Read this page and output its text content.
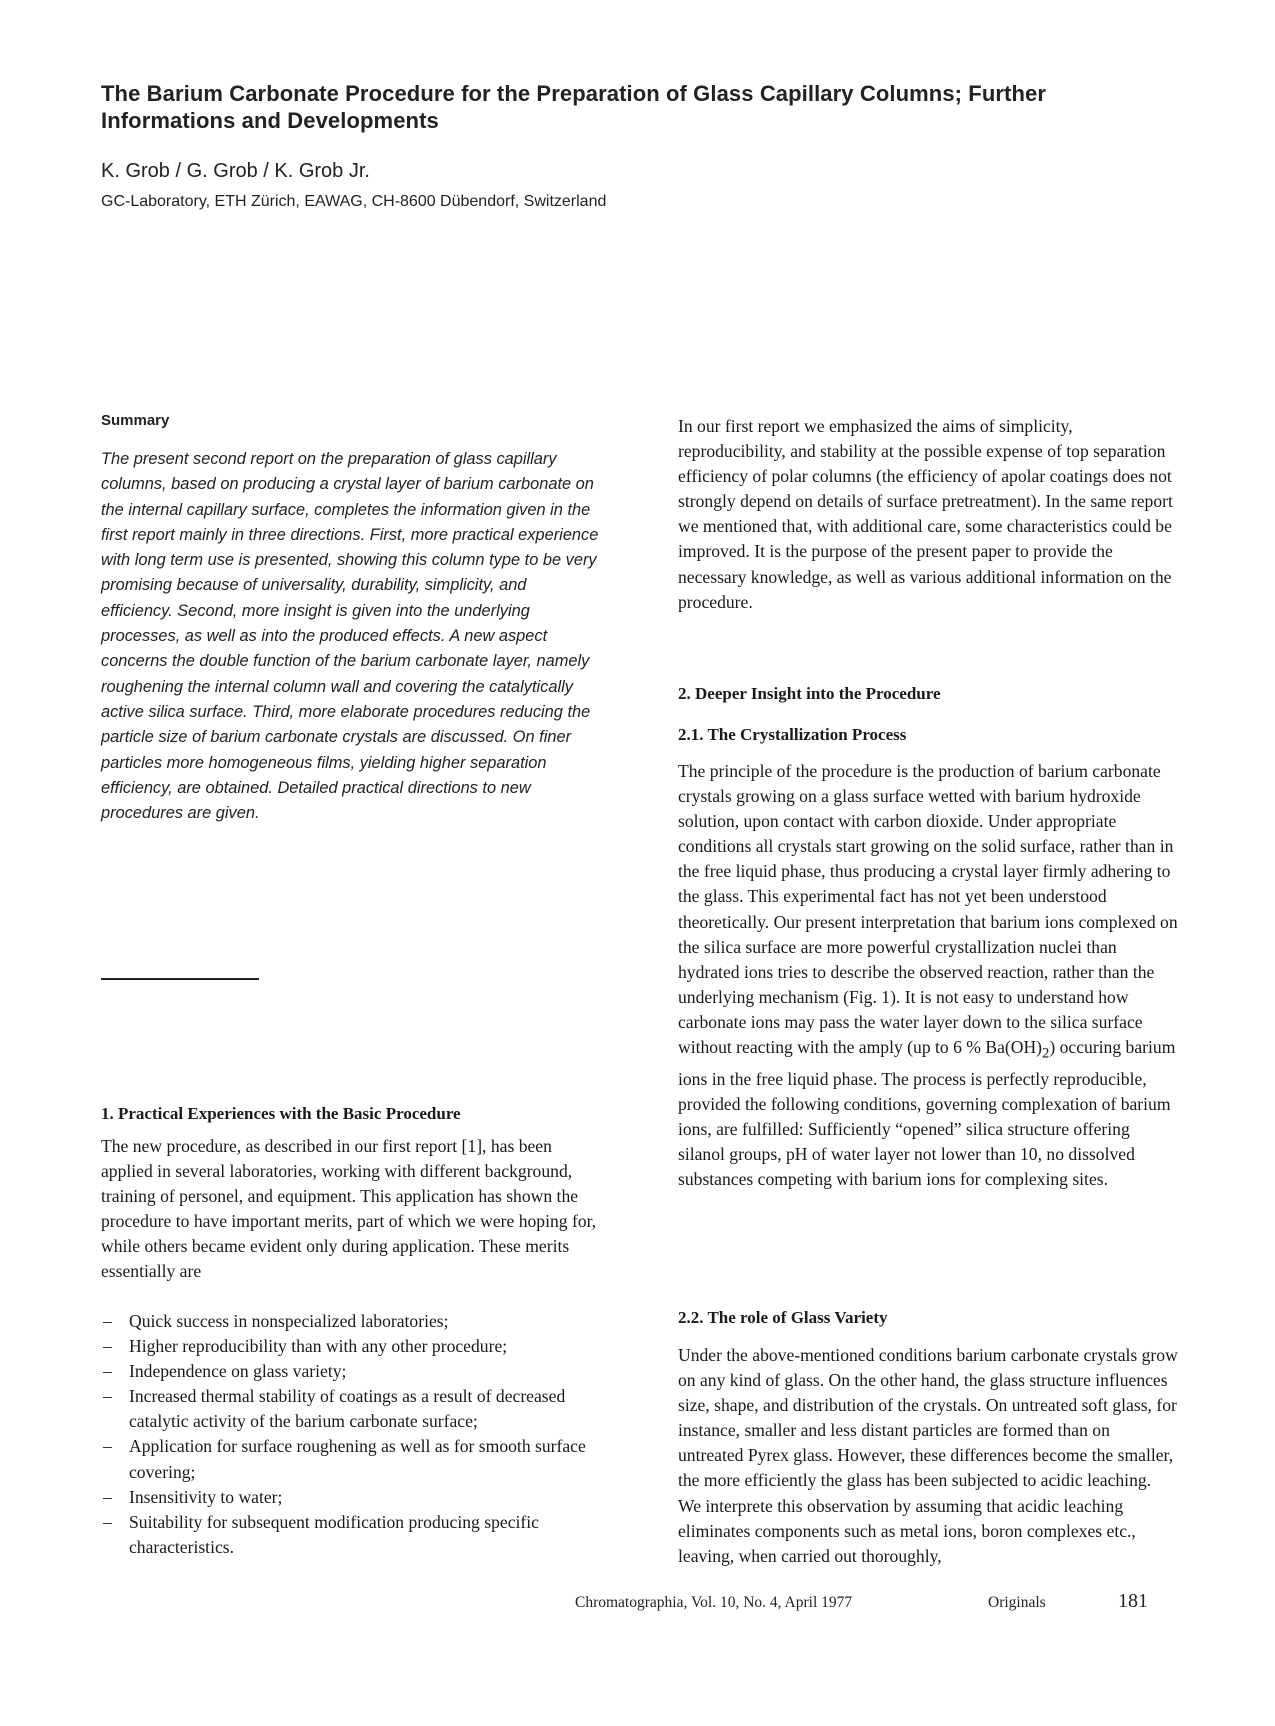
The Barium Carbonate Procedure for the Preparation of Glass Capillary Columns; Further Informations and Developments
K. Grob / G. Grob / K. Grob Jr.
GC-Laboratory, ETH Zürich, EAWAG, CH-8600 Dübendorf, Switzerland
Summary
The present second report on the preparation of glass capillary columns, based on producing a crystal layer of barium carbonate on the internal capillary surface, completes the information given in the first report mainly in three directions. First, more practical experience with long term use is presented, showing this column type to be very promising because of universality, durability, simplicity, and efficiency. Second, more insight is given into the underlying processes, as well as into the produced effects. A new aspect concerns the double function of the barium carbonate layer, namely roughening the internal column wall and covering the catalytically active silica surface. Third, more elaborate procedures reducing the particle size of barium carbonate crystals are discussed. On finer particles more homogeneous films, yielding higher separation efficiency, are obtained. Detailed practical directions to new procedures are given.
1. Practical Experiences with the Basic Procedure
The new procedure, as described in our first report [1], has been applied in several laboratories, working with different background, training of personel, and equipment. This application has shown the procedure to have important merits, part of which we were hoping for, while others became evident only during application. These merits essentially are
– Quick success in nonspecialized laboratories;
– Higher reproducibility than with any other procedure;
– Independence on glass variety;
– Increased thermal stability of coatings as a result of decreased catalytic activity of the barium carbonate surface;
– Application for surface roughening as well as for smooth surface covering;
– Insensitivity to water;
– Suitability for subsequent modification producing specific characteristics.
In our first report we emphasized the aims of simplicity, reproducibility, and stability at the possible expense of top separation efficiency of polar columns (the efficiency of apolar coatings does not strongly depend on details of surface pretreatment). In the same report we mentioned that, with additional care, some characteristics could be improved. It is the purpose of the present paper to provide the necessary knowledge, as well as various additional information on the procedure.
2. Deeper Insight into the Procedure
2.1. The Crystallization Process
The principle of the procedure is the production of barium carbonate crystals growing on a glass surface wetted with barium hydroxide solution, upon contact with carbon dioxide. Under appropriate conditions all crystals start growing on the solid surface, rather than in the free liquid phase, thus producing a crystal layer firmly adhering to the glass. This experimental fact has not yet been understood theoretically. Our present interpretation that barium ions complexed on the silica surface are more powerful crystallization nuclei than hydrated ions tries to describe the observed reaction, rather than the underlying mechanism (Fig. 1). It is not easy to understand how carbonate ions may pass the water layer down to the silica surface without reacting with the amply (up to 6 % $Ba(OH)_2$) occuring barium ions in the free liquid phase. The process is perfectly reproducible, provided the following conditions, governing complexation of barium ions, are fulfilled: Sufficiently “opened” silica structure offering silanol groups, pH of water layer not lower than 10, no dissolved substances competing with barium ions for complexing sites.
2.2. The role of Glass Variety
Under the above-mentioned conditions barium carbonate crystals grow on any kind of glass. On the other hand, the glass structure influences size, shape, and distribution of the crystals. On untreated soft glass, for instance, smaller and less distant particles are formed than on untreated Pyrex glass. However, these differences become the smaller, the more efficiently the glass has been subjected to acidic leaching. We interprete this observation by assuming that acidic leaching eliminates components such as metal ions, boron complexes etc., leaving, when carried out thoroughly,
Chromatographia, Vol. 10, No. 4, April 1977	Originals	181
